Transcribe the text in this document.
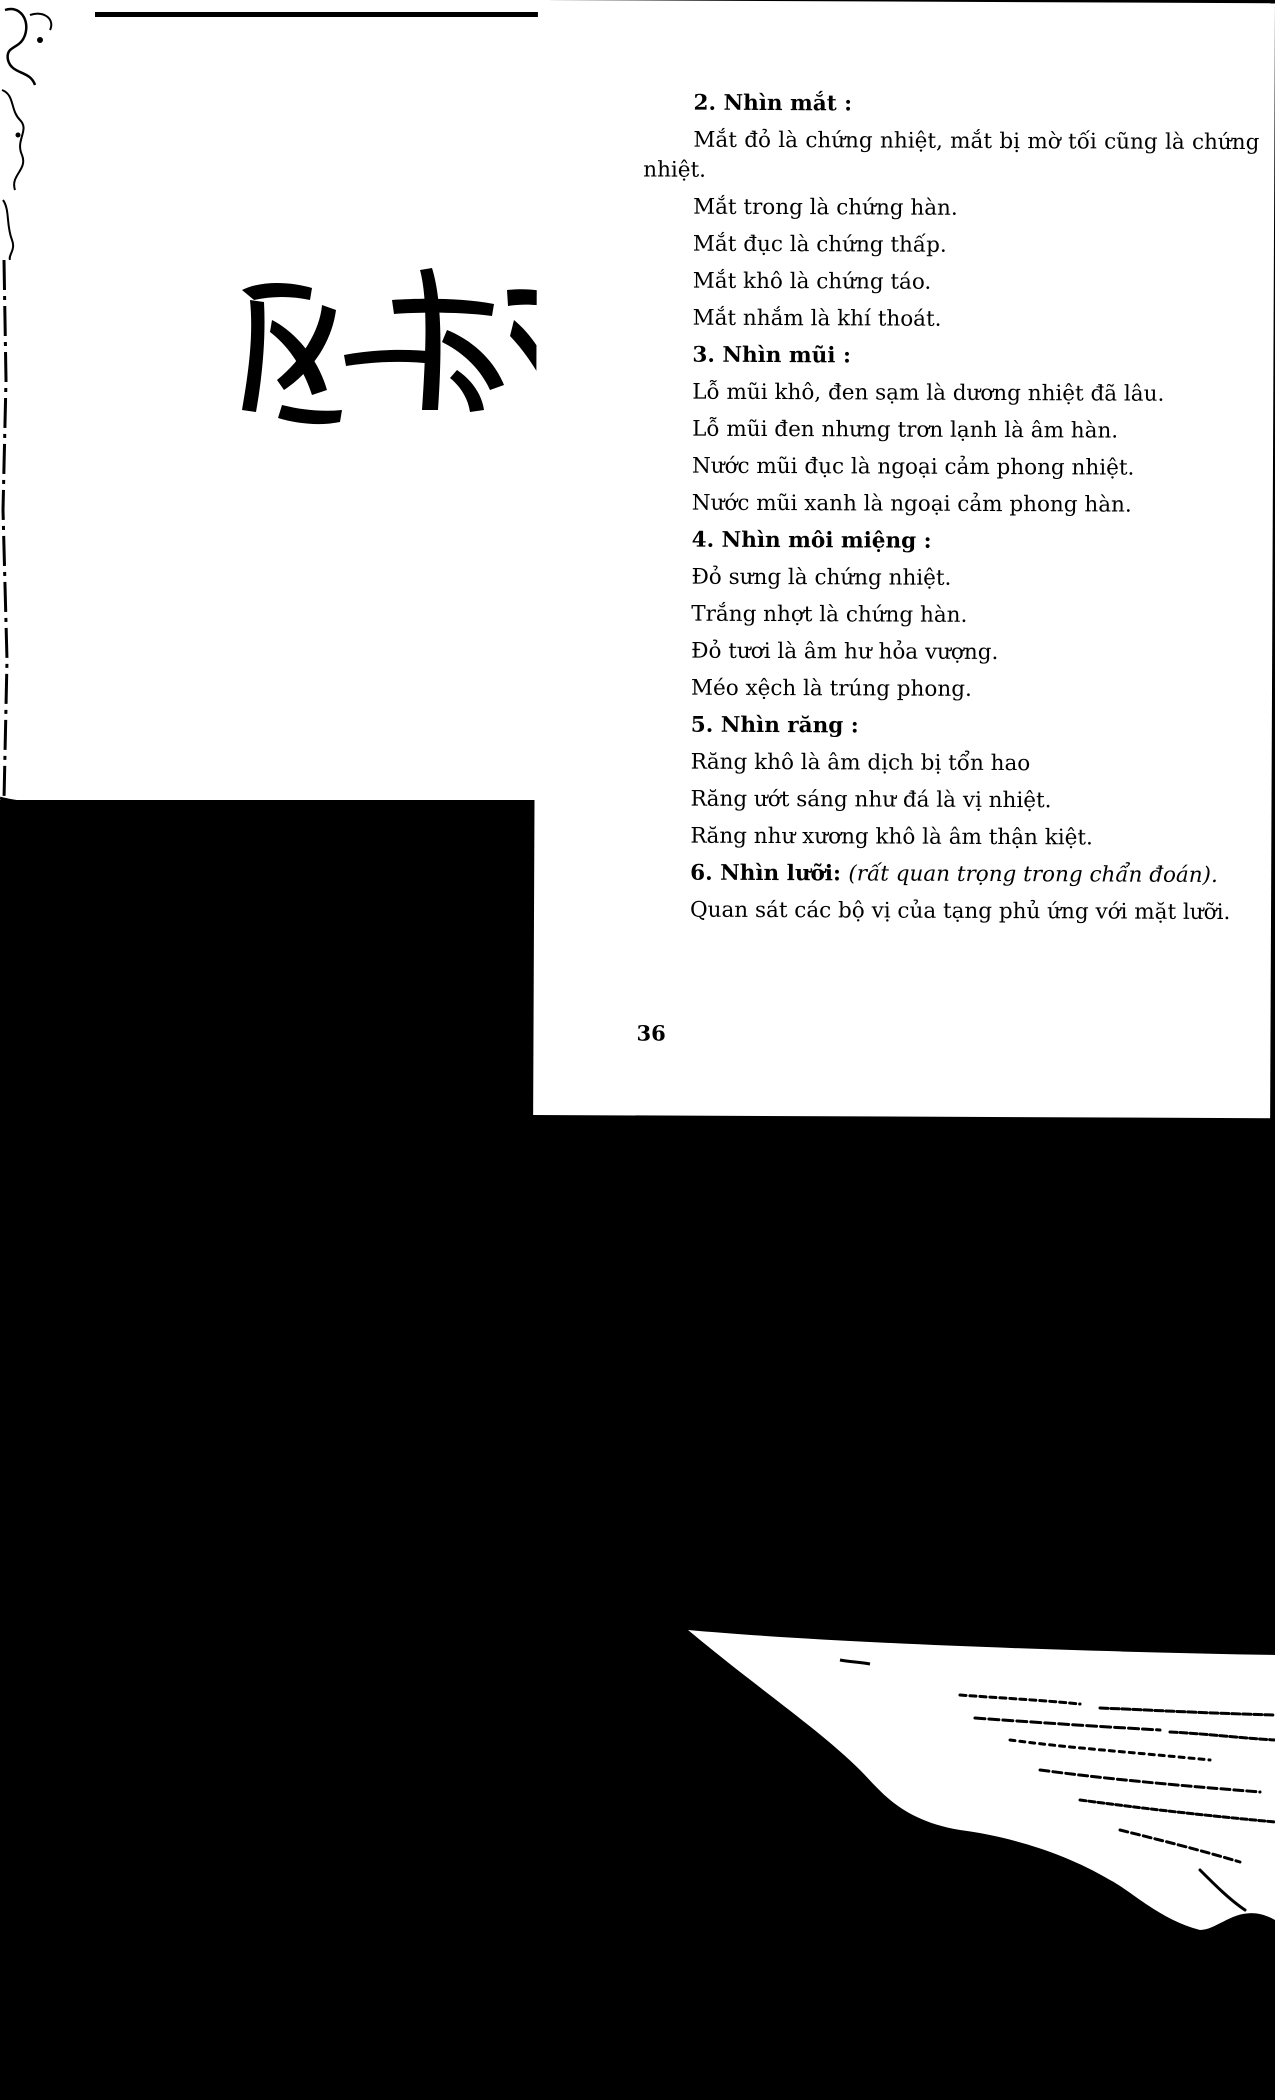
2. Nhìn mắt :
Mắt đỏ là chứng nhiệt, mắt bị mờ tối cũng là chứng nhiệt.
Mắt trong là chứng hàn.
Mắt đục là chứng thấp.
Mắt khô là chứng táo.
Mắt nhắm là khí thoát.
3. Nhìn mũi :
Lỗ mũi khô, đen sạm là dương nhiệt đã lâu.
Lỗ mũi đen nhưng trơn lạnh là âm hàn.
Nước mũi đục là ngoại cảm phong nhiệt.
Nước mũi xanh là ngoại cảm phong hàn.
4. Nhìn môi miệng :
Đỏ sưng là chứng nhiệt.
Trắng nhợt là chứng hàn.
Đỏ tươi là âm hư hỏa vượng.
Méo xệch là trúng phong.
5. Nhìn răng :
Răng khô là âm dịch bị tổn hao
Răng ướt sáng như đá là vị nhiệt.
Răng như xương khô là âm thận kiệt.
6. Nhìn lưỡi: (rất quan trọng trong chẩn đoán).
Quan sát các bộ vị của tạng phủ ứng với mặt lưỡi.
36
